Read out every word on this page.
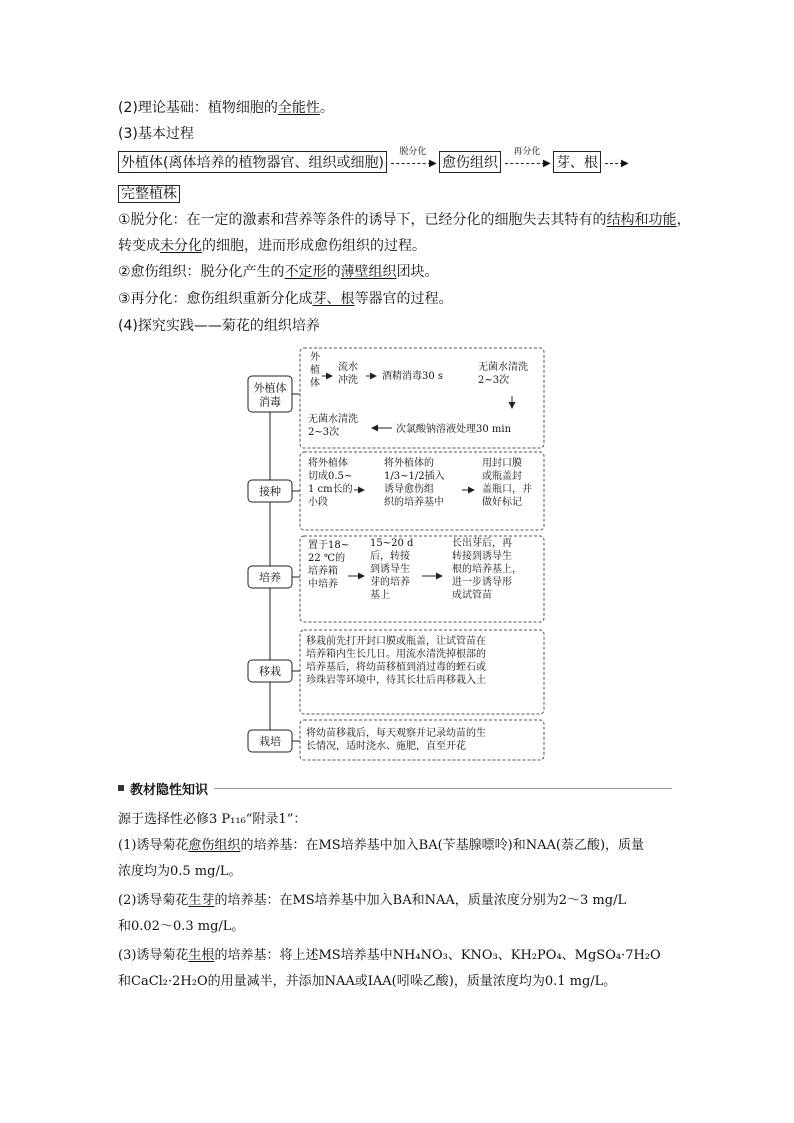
(2)理论基础：植物细胞的全能性。
(3)基本过程
外植体(离体培养的植物器官、组织或细胞)
脱分化
▶ 愈伤组织
再分化
▶ 芽、根	▶
完整植株
①脱分化：在一定的激素和营养等条件的诱导下，已经分化的细胞失去其特有的结构和功能，
转变成未分化的细胞，进而形成愈伤组织的过程。
②愈伤组织：脱分化产生的不定形的薄壁组织团块。
③再分化：愈伤组织重新分化成芽、根等器官的过程。
(4)探究实践——菊花的组织培养
外植体消毒
接种
培养
移栽
栽培
外植体
流水冲洗 酒精消毒30 s
无菌水清洗 2~3次
次氯酸钠溶液处理30 min
无菌水清洗 2~3次
将外植体切成0.5~ 1 cm长的小段
将外植体的 1/3~1/2插入诱导愈伤组织的培养基中
用封口膜或瓶盖封盖瓶口，并做好标记
置于18~ 22 ℃的培养箱中培养
15~20 d 后，转接到诱导生芽的培养基上
长出芽后，再转接到诱导生根的培养基上，进一步诱导形成试管苗
移栽前先打开封口膜或瓶盖，让试管苗在培养箱内生长几日。用流水清洗掉根部的培养基后，将幼苗移植到消过毒的蛭石或珍珠岩等环境中，待其长壮后再移栽入土
将幼苗移栽后，每天观察并记录幼苗的生长情况，适时浇水、施肥，直至开花
教材隐性知识
源于选择性必修3 P₁₁₆“附录1”：
(1)诱导菊花愈伤组织的培养基：在MS培养基中加入BA(苄基腺嘌呤)和NAA(萘乙酸)，质量
浓度均为0.5 mg/L。
(2)诱导菊花生芽的培养基：在MS培养基中加入BA和NAA，质量浓度分别为2～3 mg/L
和0.02～0.3 mg/L。
(3)诱导菊花生根的培养基：将上述MS培养基中NH₄NO₃、KNO₃、KH₂PO₄、MgSO₄·7H₂O
和CaCl₂·2H₂O的用量减半，并添加NAA或IAA(吲哚乙酸)，质量浓度均为0.1 mg/L。
